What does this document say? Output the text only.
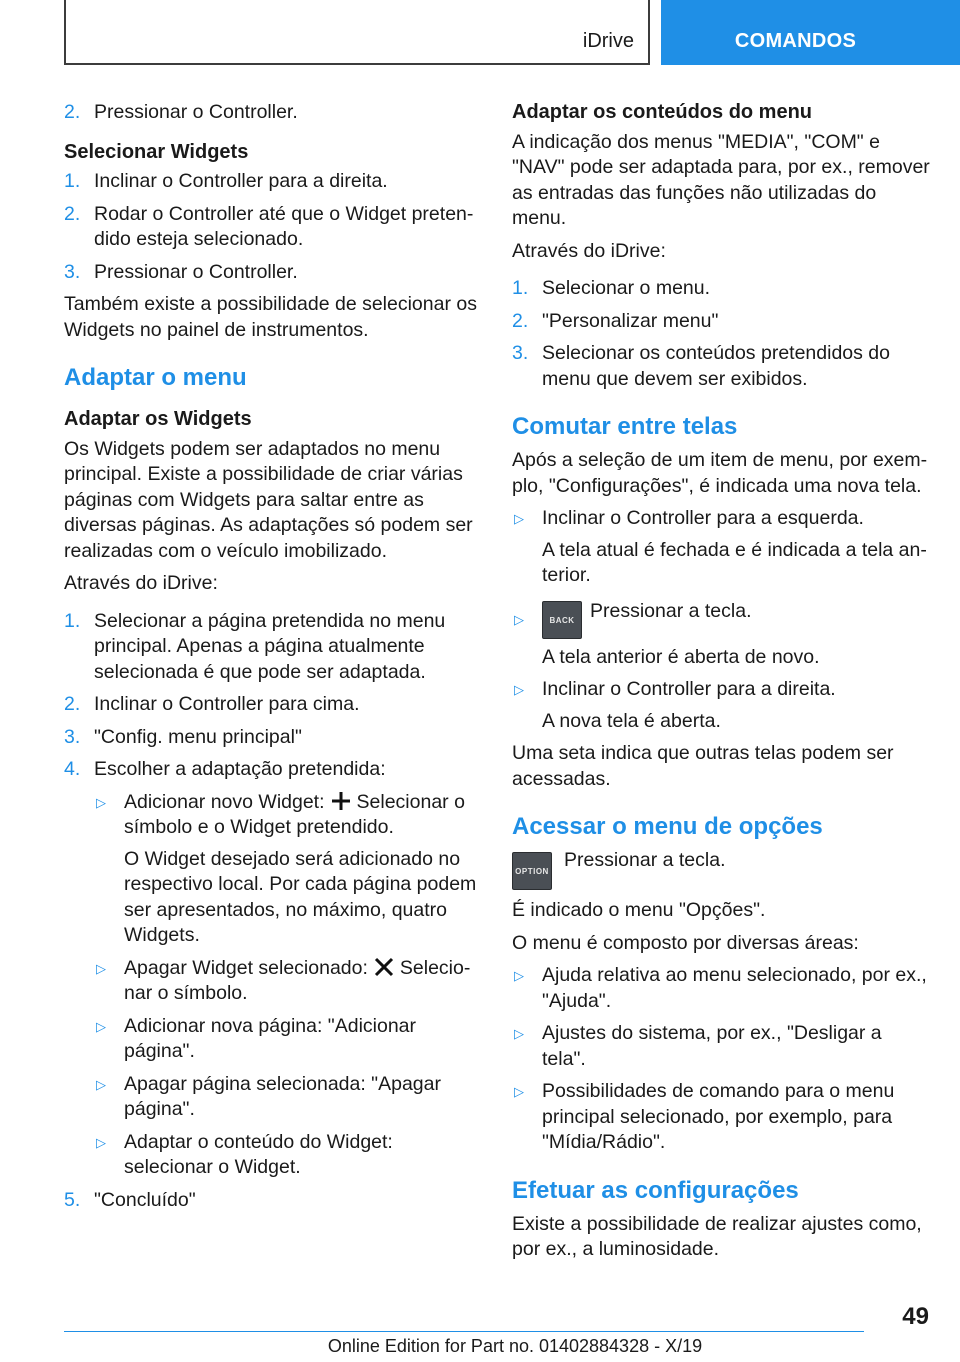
iDrive	COMANDOS
2. Pressionar o Controller.
Selecionar Widgets
1. Inclinar o Controller para a direita.
2. Rodar o Controller até que o Widget pretendido esteja selecionado.
3. Pressionar o Controller.
Também existe a possibilidade de selecionar os Widgets no painel de instrumentos.
Adaptar o menu
Adaptar os Widgets
Os Widgets podem ser adaptados no menu principal. Existe a possibilidade de criar várias páginas com Widgets para saltar entre as diversas páginas. As adaptações só podem ser realizadas com o veículo imobilizado.
Através do iDrive:
1. Selecionar a página pretendida no menu principal. Apenas a página atualmente selecionada é que pode ser adaptada.
2. Inclinar o Controller para cima.
3. "Config. menu principal"
4. Escolher a adaptação pretendida:
▷ Adicionar novo Widget: Selecionar o símbolo e o Widget pretendido.
O Widget desejado será adicionado no respectivo local. Por cada página podem ser apresentados, no máximo, quatro Widgets.
▷ Apagar Widget selecionado: Selecionar o símbolo.
▷ Adicionar nova página: "Adicionar página".
▷ Apagar página selecionada: "Apagar página".
▷ Adaptar o conteúdo do Widget: selecionar o Widget.
5. "Concluído"
Adaptar os conteúdos do menu
A indicação dos menus "MEDIA", "COM" e "NAV" pode ser adaptada para, por ex., remover as entradas das funções não utilizadas do menu.
Através do iDrive:
1. Selecionar o menu.
2. "Personalizar menu"
3. Selecionar os conteúdos pretendidos do menu que devem ser exibidos.
Comutar entre telas
Após a seleção de um item de menu, por exemplo, "Configurações", é indicada uma nova tela.
▷ Inclinar o Controller para a esquerda.
A tela atual é fechada e é indicada a tela anterior.
▷	BACK Pressionar a tecla.
A tela anterior é aberta de novo.
▷ Inclinar o Controller para a direita.
A nova tela é aberta.
Uma seta indica que outras telas podem ser acessadas.
Acessar o menu de opções
OPTION
Pressionar a tecla.
É indicado o menu "Opções".
O menu é composto por diversas áreas:
▷ Ajuda relativa ao menu selecionado, por ex., "Ajuda".
▷ Ajustes do sistema, por ex., "Desligar a tela".
▷ Possibilidades de comando para o menu principal selecionado, por exemplo, para "Mídia/Rádio".
Efetuar as configurações
Existe a possibilidade de realizar ajustes como, por ex., a luminosidade.
49
Online Edition for Part no. 01402884328 - X/19
